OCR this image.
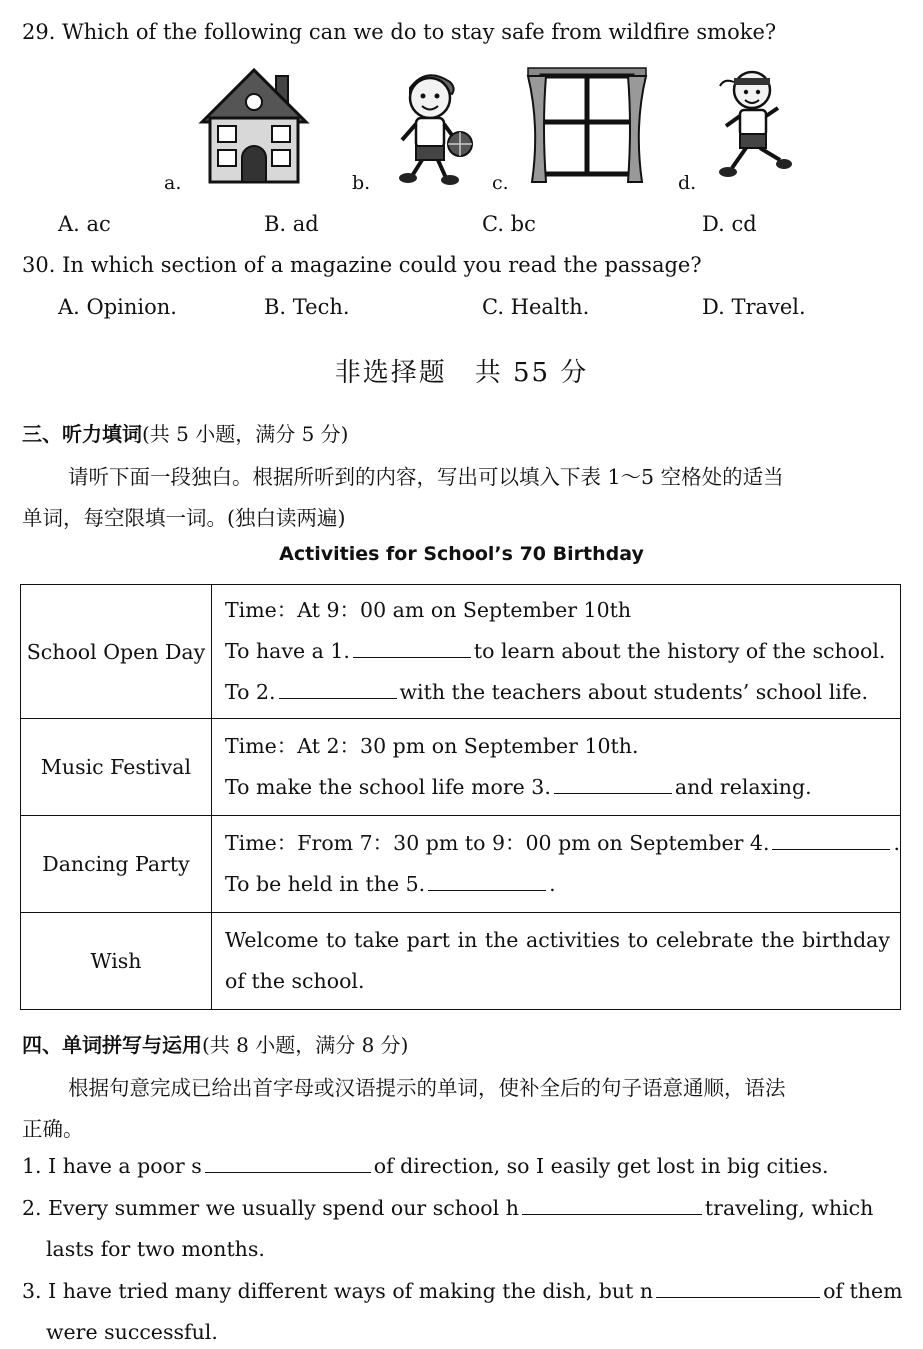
29. Which of the following can we do to stay safe from wildfire smoke?
a.	b.	c.	d.
A. ac	B. ad	C. bc	D. cd
30. In which section of a magazine could you read the passage?
A. Opinion.	B. Tech.	C. Health.	D. Travel.
非选择题　共 55 分
三、听力填词(共 5 小题，满分 5 分)
请听下面一段独白。根据所听到的内容，写出可以填入下表 1～5 空格处的适当
单词，每空限填一词。(独白读两遍)
Activities for School’s 70 Birthday
School Open Day	Time：At 9：00 am on September 10th
To have a 1. to learn about the history of the school.
To 2. with the teachers about students’ school life.

Music Festival	Time：At 2：30 pm on September 10th.
To make the school life more 3. and relaxing.

Dancing Party	Time：From 7：30 pm to 9：00 pm on September 4. .
To be held in the 5. .

Wish	Welcome to take part in the activities to celebrate the birthday of the school.
四、单词拼写与运用(共 8 小题，满分 8 分)
根据句意完成已给出首字母或汉语提示的单词，使补全后的句子语意通顺，语法
正确。
1. I have a poor s	of direction, so I easily get lost in big cities.
2. Every summer we usually spend our school h	traveling, which
lasts for two months.
3. I have tried many different ways of making the dish, but n	of them
were successful.
